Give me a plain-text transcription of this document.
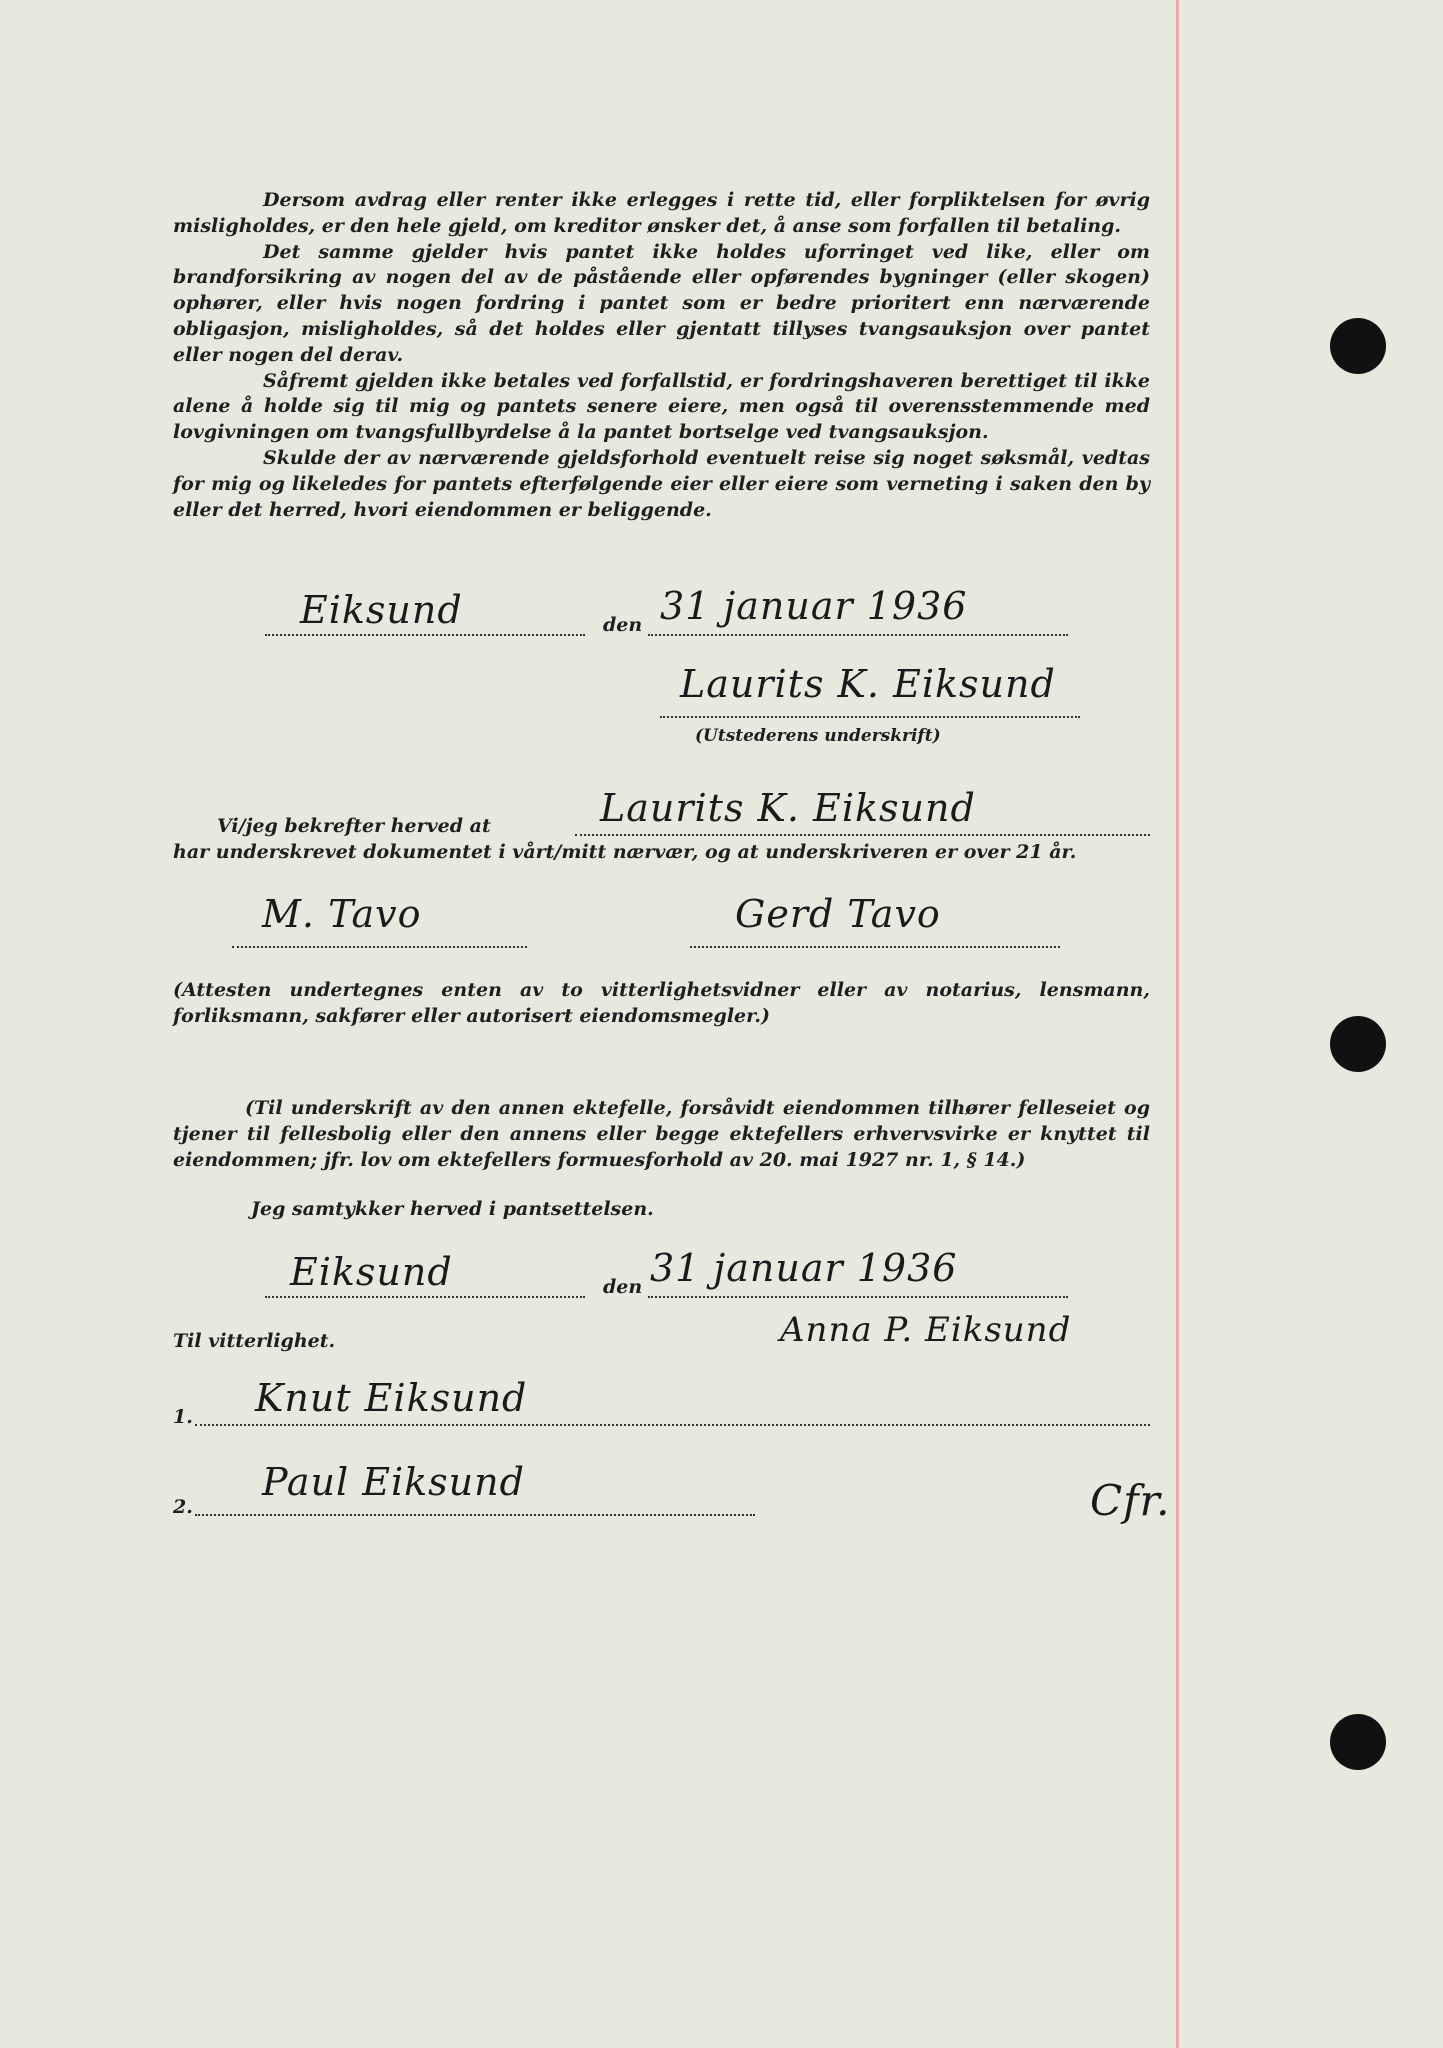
Dersom avdrag eller renter ikke erlegges i rette tid, eller forpliktelsen for øvrig misligholdes, er den hele gjeld, om kreditor ønsker det, å anse som forfallen til betaling.

Det samme gjelder hvis pantet ikke holdes uforringet ved like, eller om brandforsikring av nogen del av de påstående eller opførendes bygninger (eller skogen) ophører, eller hvis nogen fordring i pantet som er bedre prioritert enn nærværende obligasjon, misligholdes, så det holdes eller gjentatt tillyses tvangsauksjon over pantet eller nogen del derav.

Såfremt gjelden ikke betales ved forfallstid, er fordringshaveren berettiget til ikke alene å holde sig til mig og pantets senere eiere, men også til overensstemmende med lovgivningen om tvangsfullbyrdelse å la pantet bortselge ved tvangsauksjon.

Skulde der av nærværende gjeldsforhold eventuelt reise sig noget søksmål, vedtas for mig og likeledes for pantets efterfølgende eier eller eiere som verneting i saken den by eller det herred, hvori eiendommen er beliggende.

Eiksund	den 31 januar 1936
Laurits K. Eiksund
(Utstederens underskrift)
Vi/jeg bekrefter herved at	Laurits K. Eiksund
har underskrevet dokumentet i vårt/mitt nærvær, og at underskriveren er over 21 år.
M. Tavo	Gerd Tavo

(Attesten undertegnes enten av to vitterlighetsvidner eller av notarius, lensmann, forliksmann, sakfører eller autorisert eiendomsmegler.)

(Til underskrift av den annen ektefelle, forsåvidt eiendommen tilhører felleseiet og tjener til fellesbolig eller den annens eller begge ektefellers erhvervsvirke er knyttet til eiendommen; jfr. lov om ektefellers formuesforhold av 20. mai 1927 nr. 1, § 14.)

Jeg samtykker herved i pantsettelsen.
Eiksund	den 31 januar 1936
Til vitterlighet.	Anna P. Eiksund
1. Knut Eiksund
2.
Paul Eiksund	Cfr.
